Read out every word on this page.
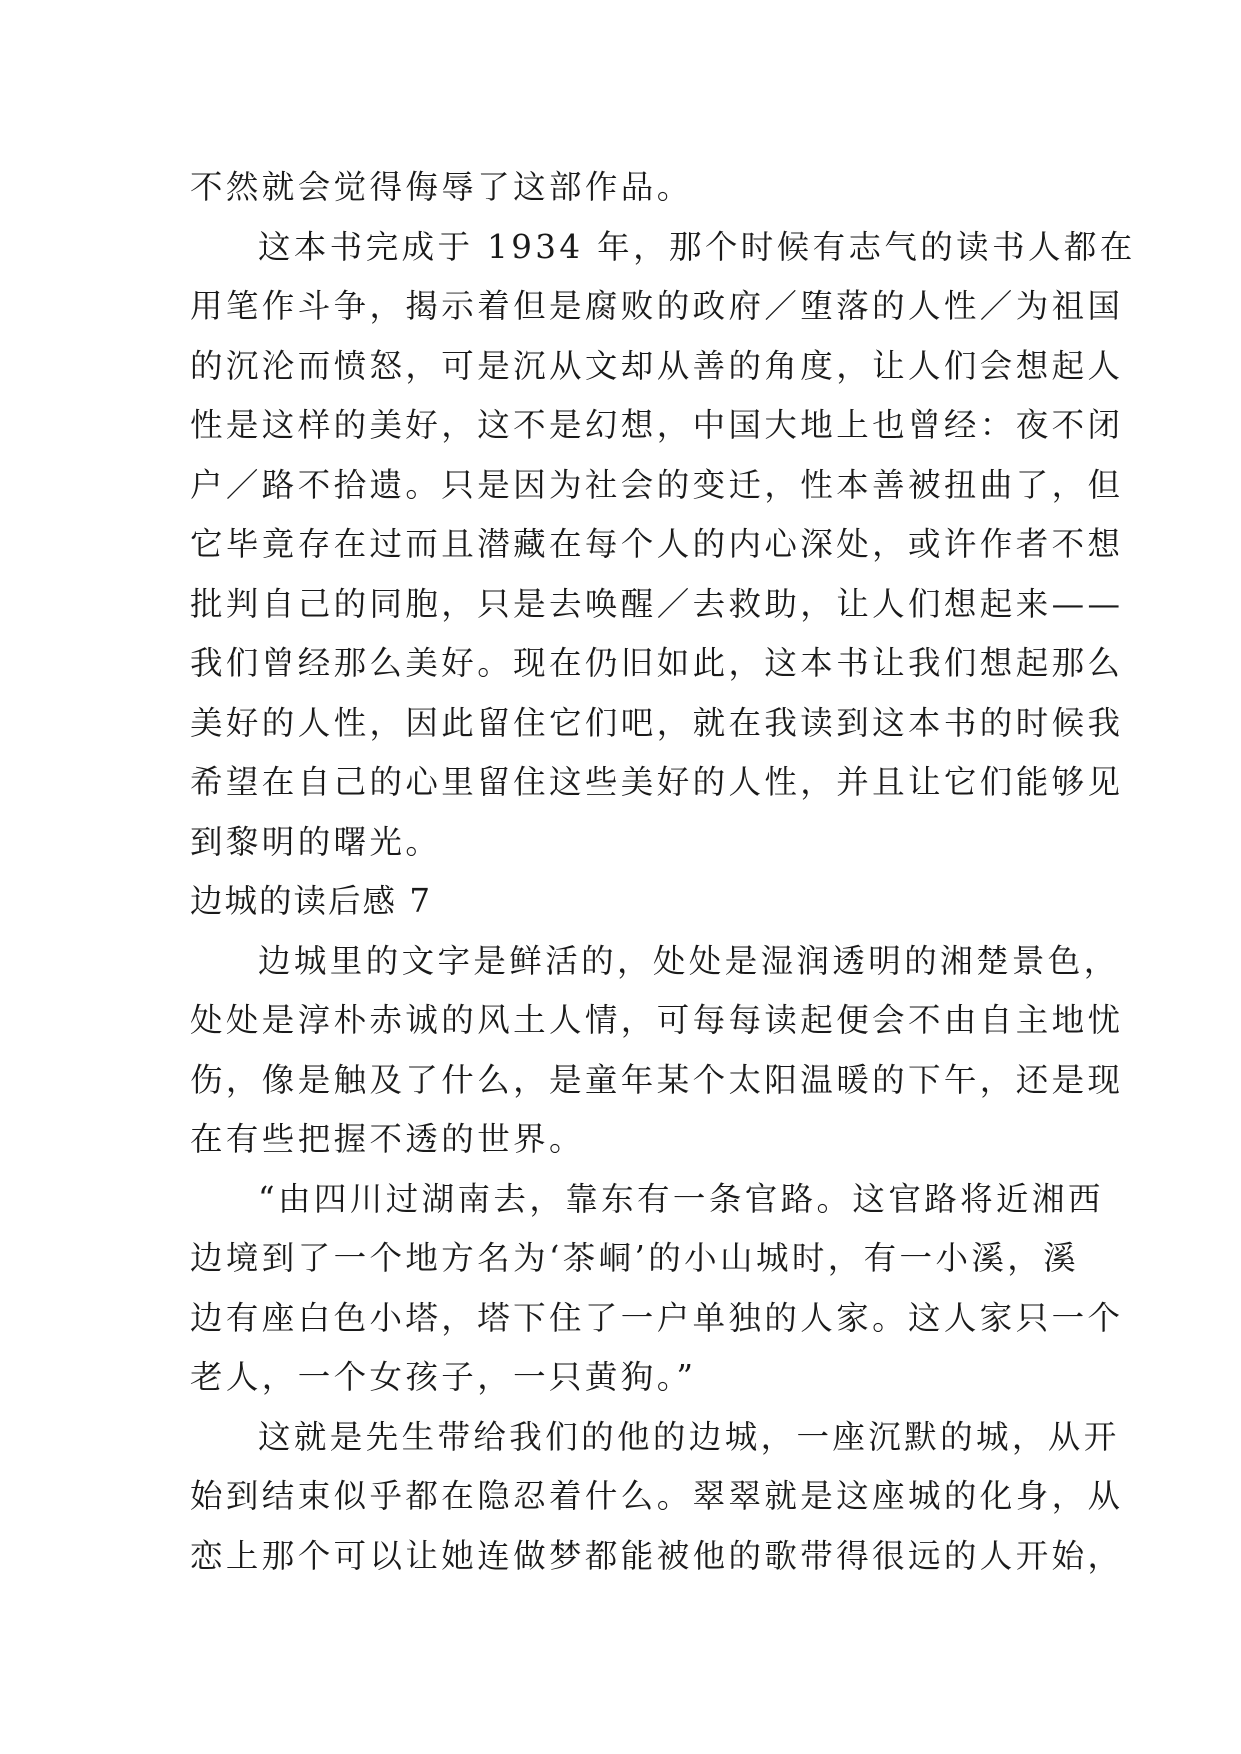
不然就会觉得侮辱了这部作品。
这本书完成于 1934 年，那个时候有志气的读书人都在
用笔作斗争，揭示着但是腐败的政府／堕落的人性／为祖国
的沉沦而愤怒，可是沉从文却从善的角度，让人们会想起人
性是这样的美好，这不是幻想，中国大地上也曾经：夜不闭
户／路不拾遗。只是因为社会的变迁，性本善被扭曲了，但
它毕竟存在过而且潜藏在每个人的内心深处，或许作者不想
批判自己的同胞，只是去唤醒／去救助，让人们想起来——
我们曾经那么美好。现在仍旧如此，这本书让我们想起那么
美好的人性，因此留住它们吧，就在我读到这本书的时候我
希望在自己的心里留住这些美好的人性，并且让它们能够见
到黎明的曙光。
边城的读后感 7
边城里的文字是鲜活的，处处是湿润透明的湘楚景色，
处处是淳朴赤诚的风土人情，可每每读起便会不由自主地忧
伤，像是触及了什么，是童年某个太阳温暖的下午，还是现
在有些把握不透的世界。
“由四川过湖南去，靠东有一条官路。这官路将近湘西
边境到了一个地方名为‘茶峒’的小山城时，有一小溪，溪
边有座白色小塔，塔下住了一户单独的人家。这人家只一个
老人，一个女孩子，一只黄狗。”
这就是先生带给我们的他的边城，一座沉默的城，从开
始到结束似乎都在隐忍着什么。翠翠就是这座城的化身，从
恋上那个可以让她连做梦都能被他的歌带得很远的人开始，
